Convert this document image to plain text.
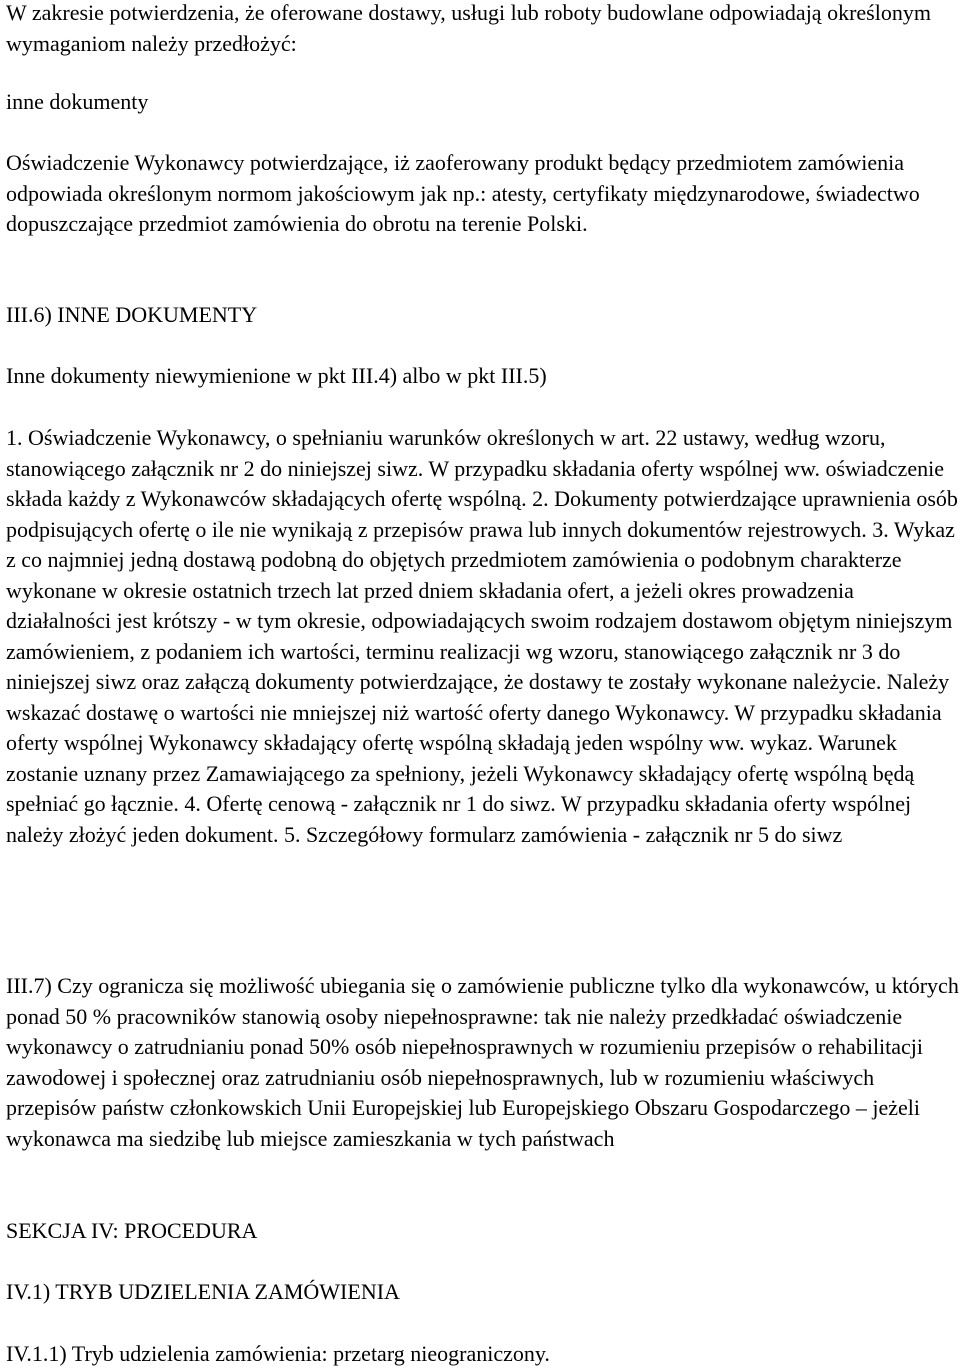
W zakresie potwierdzenia, że oferowane dostawy, usługi lub roboty budowlane odpowiadają określonym wymaganiom należy przedłożyć:

inne dokumenty

Oświadczenie Wykonawcy potwierdzające, iż zaoferowany produkt będący przedmiotem zamówienia odpowiada określonym normom jakościowym jak np.: atesty, certyfikaty międzynarodowe, świadectwo dopuszczające przedmiot zamówienia do obrotu na terenie Polski.

III.6) INNE DOKUMENTY

Inne dokumenty niewymienione w pkt III.4) albo w pkt III.5)

1. Oświadczenie Wykonawcy, o spełnianiu warunków określonych w art. 22 ustawy, według wzoru, stanowiącego załącznik nr 2 do niniejszej siwz. W przypadku składania oferty wspólnej ww. oświadczenie składa każdy z Wykonawców składających ofertę wspólną. 2. Dokumenty potwierdzające uprawnienia osób podpisujących ofertę o ile nie wynikają z przepisów prawa lub innych dokumentów rejestrowych. 3. Wykaz z co najmniej jedną dostawą podobną do objętych przedmiotem zamówienia o podobnym charakterze wykonane w okresie ostatnich trzech lat przed dniem składania ofert, a jeżeli okres prowadzenia działalności jest krótszy - w tym okresie, odpowiadających swoim rodzajem dostawom objętym niniejszym zamówieniem, z podaniem ich wartości, terminu realizacji wg wzoru, stanowiącego załącznik nr 3 do niniejszej siwz oraz załączą dokumenty potwierdzające, że dostawy te zostały wykonane należycie. Należy wskazać dostawę o wartości nie mniejszej niż wartość oferty danego Wykonawcy. W przypadku składania oferty wspólnej Wykonawcy składający ofertę wspólną składają jeden wspólny ww. wykaz. Warunek zostanie uznany przez Zamawiającego za spełniony, jeżeli Wykonawcy składający ofertę wspólną będą spełniać go łącznie. 4. Ofertę cenową - załącznik nr 1 do siwz. W przypadku składania oferty wspólnej należy złożyć jeden dokument. 5. Szczegółowy formularz zamówienia - załącznik nr 5 do siwz

III.7) Czy ogranicza się możliwość ubiegania się o zamówienie publiczne tylko dla wykonawców, u których ponad 50 % pracowników stanowią osoby niepełnosprawne: tak nie należy przedkładać oświadczenie wykonawcy o zatrudnianiu ponad 50% osób niepełnosprawnych w rozumieniu przepisów o rehabilitacji zawodowej i społecznej oraz zatrudnianiu osób niepełnosprawnych, lub w rozumieniu właściwych przepisów państw członkowskich Unii Europejskiej lub Europejskiego Obszaru Gospodarczego – jeżeli wykonawca ma siedzibę lub miejsce zamieszkania w tych państwach

SEKCJA IV: PROCEDURA

IV.1) TRYB UDZIELENIA ZAMÓWIENIA

IV.1.1) Tryb udzielenia zamówienia: przetarg nieograniczony.
